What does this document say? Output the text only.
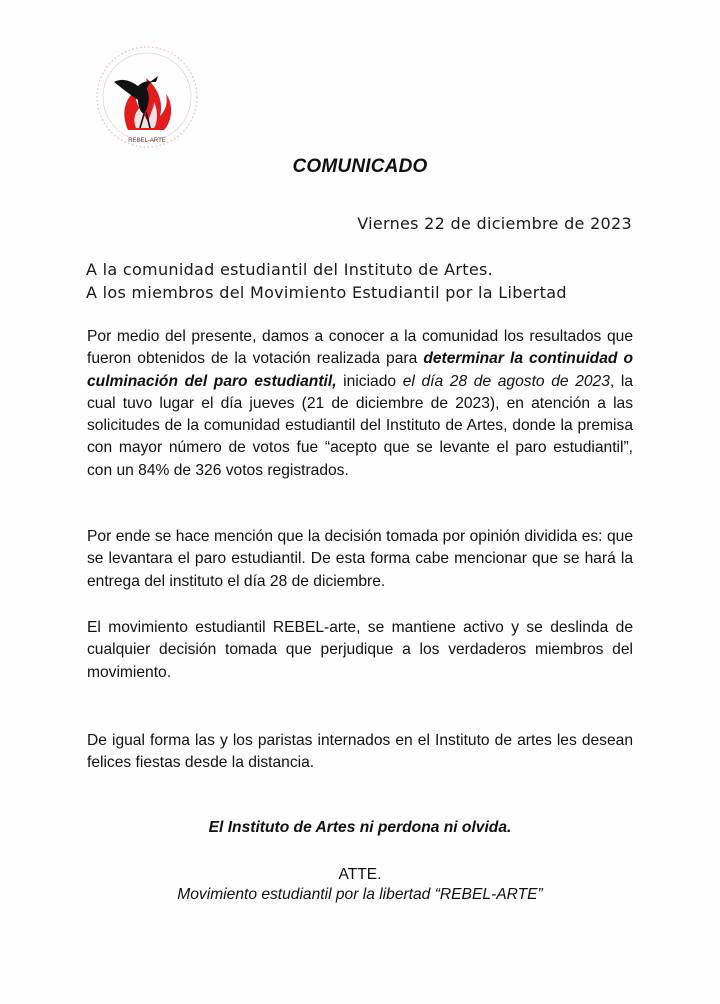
REBEL-ARTE
COMUNICADO
Viernes 22 de diciembre de 2023
A la comunidad estudiantil del Instituto de Artes.
A los miembros del Movimiento Estudiantil por la Libertad
Por medio del presente, damos a conocer a la comunidad los resultados que fueron obtenidos de la votación realizada para determinar la continuidad o culminación del paro estudiantil, iniciado el día 28 de agosto de 2023, la cual tuvo lugar el día jueves (21 de diciembre de 2023), en atención a las solicitudes de la comunidad estudiantil del Instituto de Artes, donde la premisa con mayor número de votos fue “acepto que se levante el paro estudiantil”, con un 84% de 326 votos registrados.
Por ende se hace mención que la decisión tomada por opinión dividida es: que se levantara el paro estudiantil. De esta forma cabe mencionar que se hará la entrega del instituto el día 28 de diciembre.
El movimiento estudiantil REBEL-arte, se mantiene activo y se deslinda de cualquier decisión tomada que perjudique a los verdaderos miembros del movimiento.
De igual forma las y los paristas internados en el Instituto de artes les desean felices fiestas desde la distancia.
El Instituto de Artes ni perdona ni olvida.
ATTE.
Movimiento estudiantil por la libertad “REBEL-ARTE”
